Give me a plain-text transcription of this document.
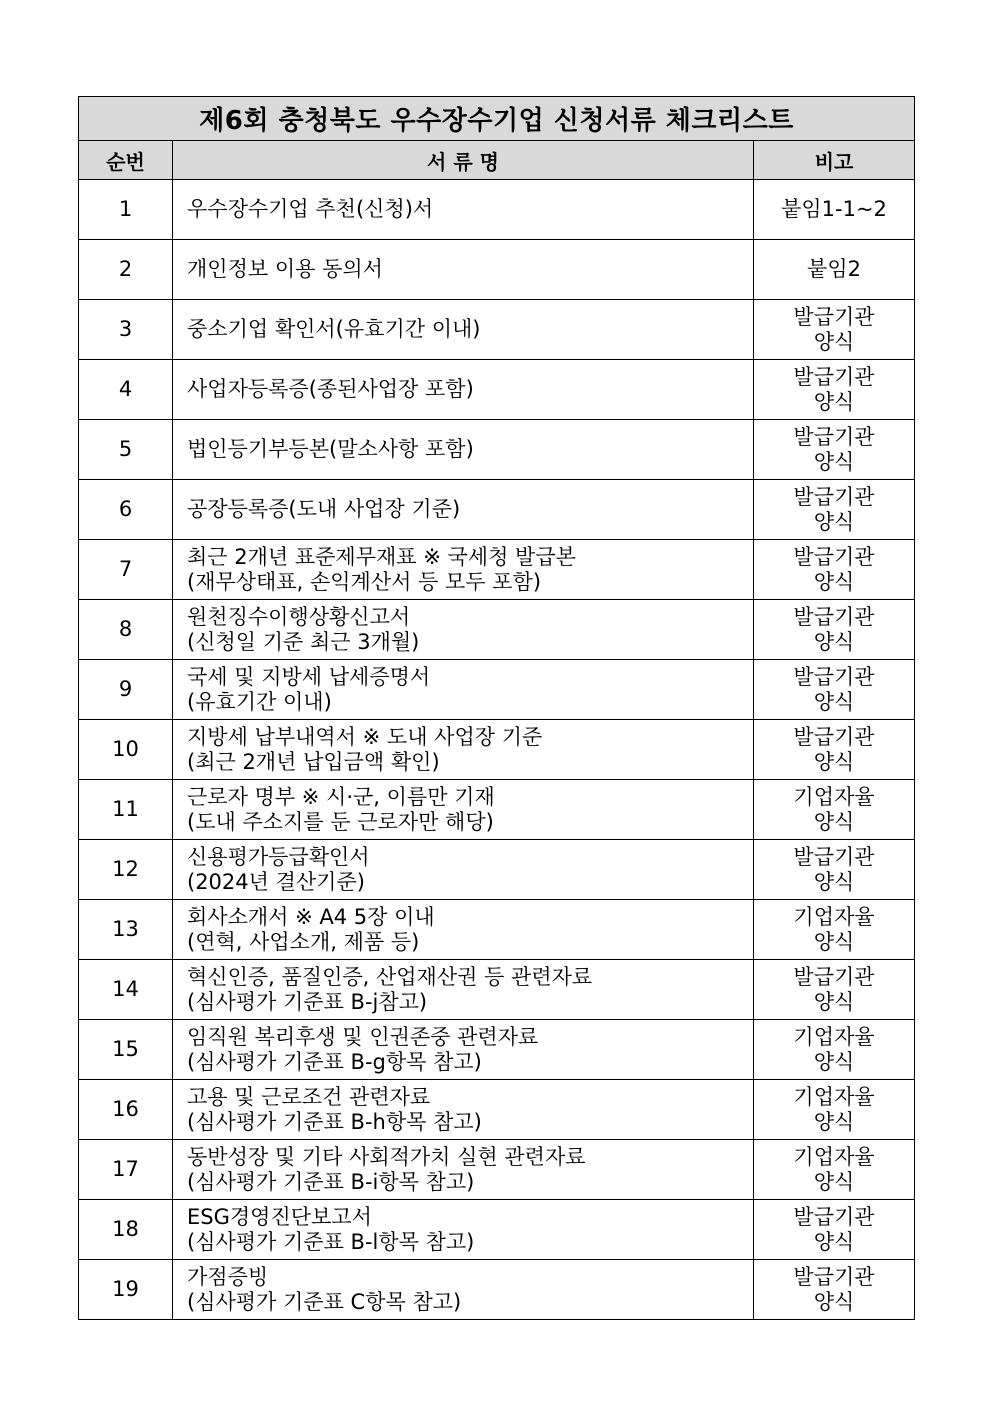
제6회 충청북도 우수장수기업 신청서류 체크리스트		
순번	서 류 명	비고
1	우수장수기업 추천(신청)서	붙임1-1~2

2	개인정보 이용 동의서	붙임2

3	중소기업 확인서(유효기간 이내)	발급기관
양식

4	사업자등록증(종된사업장 포함)	발급기관
양식

5	법인등기부등본(말소사항 포함)	발급기관
양식

6	공장등록증(도내 사업장 기준)	발급기관
양식

7	최근 2개년 표준제무재표 ※ 국세청 발급본
(재무상태표, 손익계산서 등 모두 포함)	발급기관
양식

8	원천징수이행상황신고서
(신청일 기준 최근 3개월)	발급기관
양식

9	국세 및 지방세 납세증명서
(유효기간 이내)	발급기관
양식

10	지방세 납부내역서 ※ 도내 사업장 기준
(최근 2개년 납입금액 확인)	발급기관
양식

11	근로자 명부 ※ 시·군, 이름만 기재
(도내 주소지를 둔 근로자만 해당)	기업자율
양식

12	신용평가등급확인서
(2024년 결산기준)	발급기관
양식

13	회사소개서 ※ A4 5장 이내
(연혁, 사업소개, 제품 등)	기업자율
양식

14	혁신인증, 품질인증, 산업재산권 등 관련자료
(심사평가 기준표 B-j참고)	발급기관
양식

15	임직원 복리후생 및 인권존중 관련자료
(심사평가 기준표 B-g항목 참고)	기업자율
양식

16	고용 및 근로조건 관련자료
(심사평가 기준표 B-h항목 참고)	기업자율
양식

17	동반성장 및 기타 사회적가치 실현 관련자료
(심사평가 기준표 B-i항목 참고)	기업자율
양식

18	ESG경영진단보고서
(심사평가 기준표 B-l항목 참고)	발급기관
양식

19	가점증빙
(심사평가 기준표 C항목 참고)	발급기관
양식
